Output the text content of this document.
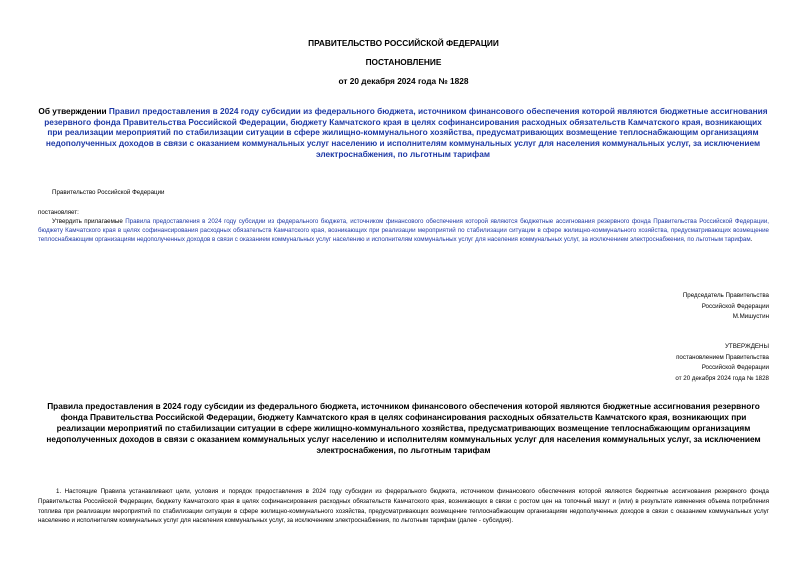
ПРАВИТЕЛЬСТВО РОССИЙСКОЙ ФЕДЕРАЦИИ
ПОСТАНОВЛЕНИЕ
от 20 декабря 2024 года № 1828
Об утверждении Правил предоставления в 2024 году субсидии из федерального бюджета, источником финансового обеспечения которой являются бюджетные ассигнования резервного фонда Правительства Российской Федерации, бюджету Камчатского края в целях софинансирования расходных обязательств Камчатского края, возникающих при реализации мероприятий по стабилизации ситуации в сфере жилищно-коммунального хозяйства, предусматривающих возмещение теплоснабжающим организациям недополученных доходов в связи с оказанием коммунальных услуг населению и исполнителям коммунальных услуг для населения коммунальных услуг, за исключением электроснабжения, по льготным тарифам
Правительство Российской Федерации
постановляет:
Утвердить прилагаемые Правила предоставления в 2024 году субсидии из федерального бюджета, источником финансового обеспечения которой являются бюджетные ассигнования резервного фонда Правительства Российской Федерации, бюджету Камчатского края в целях софинансирования расходных обязательств Камчатского края, возникающих при реализации мероприятий по стабилизации ситуации в сфере жилищно-коммунального хозяйства, предусматривающих возмещение теплоснабжающим организациям недополученных доходов в связи с оказанием коммунальных услуг населению и исполнителям коммунальных услуг для населения коммунальных услуг, за исключением электроснабжения, по льготным тарифам.
Председатель Правительства
Российской Федерации
М.Мишустин
УТВЕРЖДЕНЫ
постановлением Правительства
Российской Федерации
от 20 декабря 2024 года № 1828
Правила предоставления в 2024 году субсидии из федерального бюджета, источником финансового обеспечения которой являются бюджетные ассигнования резервного фонда Правительства Российской Федерации, бюджету Камчатского края в целях софинансирования расходных обязательств Камчатского края, возникающих при реализации мероприятий по стабилизации ситуации в сфере жилищно-коммунального хозяйства, предусматривающих возмещение теплоснабжающим организациям недополученных доходов в связи с оказанием коммунальных услуг населению и исполнителям коммунальных услуг для населения коммунальных услуг, за исключением электроснабжения, по льготным тарифам
1. Настоящие Правила устанавливают цели, условия и порядок предоставления в 2024 году субсидии из федерального бюджета, источником финансового обеспечения которой являются бюджетные ассигнования резервного фонда Правительства Российской Федерации, бюджету Камчатского края в целях софинансирования расходных обязательств Камчатского края, возникающих в связи с ростом цен на топочный мазут и (или) в результате изменения объема потребления топлива при реализации мероприятий по стабилизации ситуации в сфере жилищно-коммунального хозяйства, предусматривающих возмещение теплоснабжающим организациям недополученных доходов в связи с оказанием коммунальных услуг населению и исполнителям коммунальных услуг для населения коммунальных услуг, за исключением электроснабжения, по льготным тарифам (далее - субсидия).
